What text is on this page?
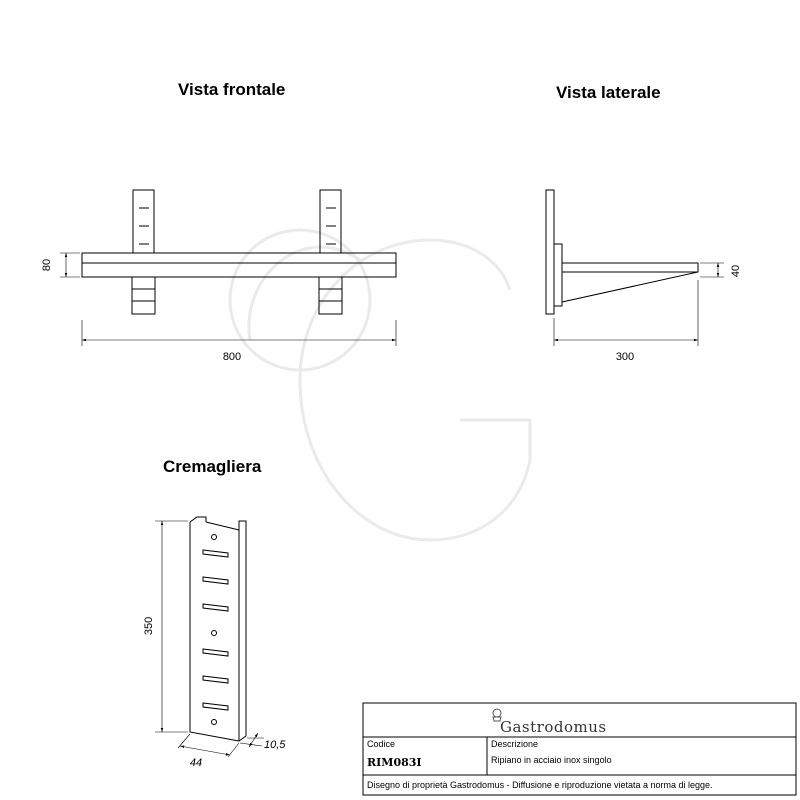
Vista frontale	Vista laterale
Cremagliera
80
800
40
300
350
44
10,5
Gastrodomus
Codice
RIM083I
Descrizione
Ripiano in acciaio inox singolo
Disegno di proprietà Gastrodomus - Diffusione e riproduzione vietata a norma di legge.
